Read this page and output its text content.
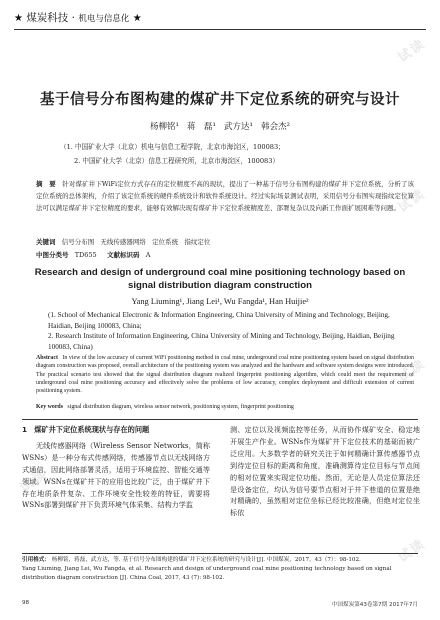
试读
试读
试读
试读
试读
★ 煤炭科技 · 机电与信息化 ★
基于信号分布图构建的煤矿井下定位系统的研究与设计
杨柳铭¹ 蒋　磊¹ 武方达¹ 韩会杰²
（1. 中国矿业大学（北京）机电与信息工程学院，北京市海淀区，100083；
2. 中国矿业大学（北京）信息工程研究所，北京市海淀区，100083）
摘　要 针对煤矿井下WiFi定位方式存在的定位精度不高的现状，提出了一种基于信号分布图构建的煤矿井下定位系统，分析了该定位系统的总体架构，介绍了该定位系统的硬件系统设计和软件系统设计。经过实际场景测试表明，采用信号分布图实现指纹定位算法可以满足煤矿井下定位精度的要求，能够有效解决现有煤矿井下定位系统精度差、部署复杂以及向新工作面扩展困难等问题。
关键词 信号分布图 无线传感器网络 定位系统 指纹定位
中图分类号 TD655 文献标识码 A
Research and design of underground coal mine positioning technology based on signal distribution diagram construction
Yang Liuming¹, Jiang Lei¹, Wu Fangda¹, Han Huijie²
(1. School of Mechanical Electronic & Information Engineering, China University of Mining and Technology, Beijing, Haidian, Beijing 100083, China;
2. Research Institute of Information Engineering, China University of Mining and Technology, Beijing, Haidian, Beijing 100083, China)
Abstract In view of the low accuracy of current WiFi positioning method in coal mine, underground coal mine positioning system based on signal distribution diagram construction was proposed, overall architecture of the positioning system was analyzed and the hardware and software system designs were introduced. The practical scenario test showed that the signal distribution diagram realized fingerprint positioning algorithm, which could meet the requirement of underground coal mine positioning accuracy and effectively solve the problems of low accuracy, complex deployment and difficult extension of current positioning system.
Key words signal distribution diagram, wireless sensor network, positioning system, fingerprint positioning
1　煤矿井下定位系统现状与存在的问题
无线传感器网络（Wireless Sensor Networks，简称WSNs）是一种分布式传感网络，传感器节点以无线网络方式通信，因此网络部署灵活，适用于环境监控、智能交通等领域。WSNs在煤矿井下的应用也比较广泛，由于煤矿井下存在地质条件复杂、工作环境安全性较差的特征，需要将WSNs部署到煤矿井下负责环境气体采集、结构力学监
测、定位以及视频监控等任务，从而协作煤矿安全、稳定地开展生产作业。WSNs作为煤矿井下定位技术的基础而被广泛应用。大多数学者的研究关注于如何精确计算传感器节点到待定位目标的距离和角度，准确测算待定位目标与节点间的相对位置来实现定位功能。然而，无论是人员定位算法还是设备定位，均认为信号要节点相对于井下巷道的位置是绝对精确的，虽然相对定位坐标已经比较准确，但绝对定位坐标依
引用格式： 杨柳铭，蒋磊，武方达，等. 基于信号分布图构建的煤矿井下定位系统的研究与设计[J]. 中国煤炭，2017，43（7）：98-102.
Yang Liuming, Jiang Lei, Wu Fangda, et al. Research and design of underground coal mine positioning technology based on signal distribution diagram construction [J]. China Coal, 2017, 43 (7): 98-102.
98	中国煤炭第43卷第7期 2017年7月
